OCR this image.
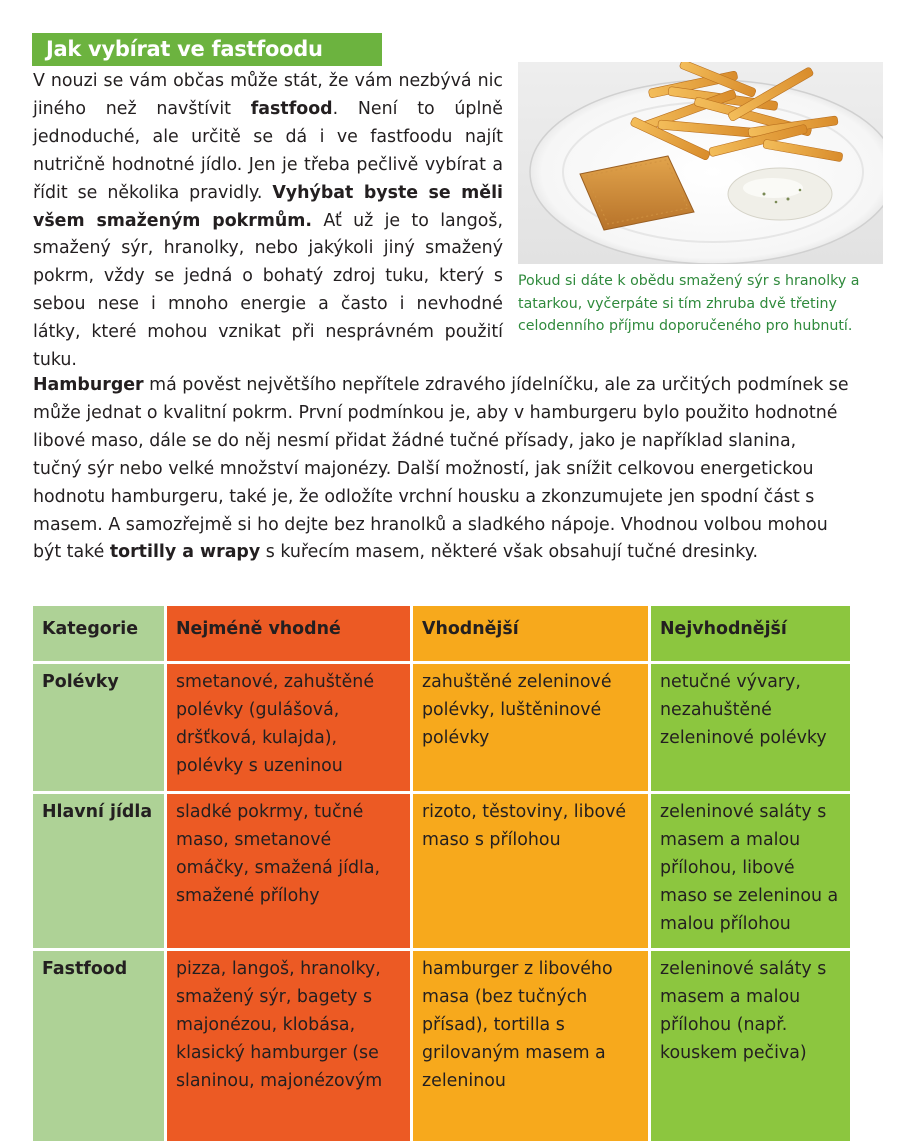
Jak vybírat ve fastfoodu

V nouzi se vám občas může stát, že vám nezbývá nic jiného než navštívit fastfood. Není to úplně jednoduché, ale určitě se dá i ve fastfoodu najít nutričně hodnotné jídlo. Jen je třeba pečlivě vybírat a řídit se několika pravidly. Vyhýbat byste se měli všem smaženým pokrmům. Ať už je to langoš, smažený sýr, hranolky, nebo jakýkoli jiný smažený pokrm, vždy se jedná o bohatý zdroj tuku, který s sebou nese i mnoho energie a často i nevhodné látky, které mohou vznikat při nesprávném použití tuku.

Pokud si dáte k obědu smažený sýr s hranolky a tatarkou, vyčerpáte si tím zhruba dvě třetiny celodenního příjmu doporučeného pro hubnutí.

Hamburger má pověst největšího nepřítele zdravého jídelníčku, ale za určitých podmínek se může jednat o kvalitní pokrm. První podmínkou je, aby v hamburgeru bylo použito hodnotné libové maso, dále se do něj nesmí přidat žádné tučné přísady, jako je například slanina, tučný sýr nebo velké množství majonézy. Další možností, jak snížit celkovou energetickou hodnotu hamburgeru, také je, že odložíte vrchní housku a zkonzumujete jen spodní část s masem. A samozřejmě si ho dejte bez hranolků a sladkého nápoje. Vhodnou volbou mohou být také tortilly a wrapy s kuřecím masem, některé však obsahují tučné dresinky.

Kategorie	Nejméně vhodné	Vhodnější	Nejvhodnější
Polévky	smetanové, zahuštěné polévky (gulášová, dršťková, kulajda), polévky s uzeninou	zahuštěné zeleninové polévky, luštěninové polévky	netučné vývary, nezahuštěné zeleninové polévky
Hlavní jídla	sladké pokrmy, tučné maso, smetanové omáčky, smažená jídla, smažené přílohy	rizoto, těstoviny, libové maso s přílohou	zeleninové saláty s masem a malou přílohou, libové maso se zeleninou a malou přílohou
Fastfood	pizza, langoš, hranolky, smažený sýr, bagety s majonézou, klobása, klasický hamburger (se slaninou, majonézovým	hamburger z libového masa (bez tučných přísad), tortilla s grilovaným masem a zeleninou	zeleninové saláty s masem a malou přílohou (např. kouskem pečiva)
